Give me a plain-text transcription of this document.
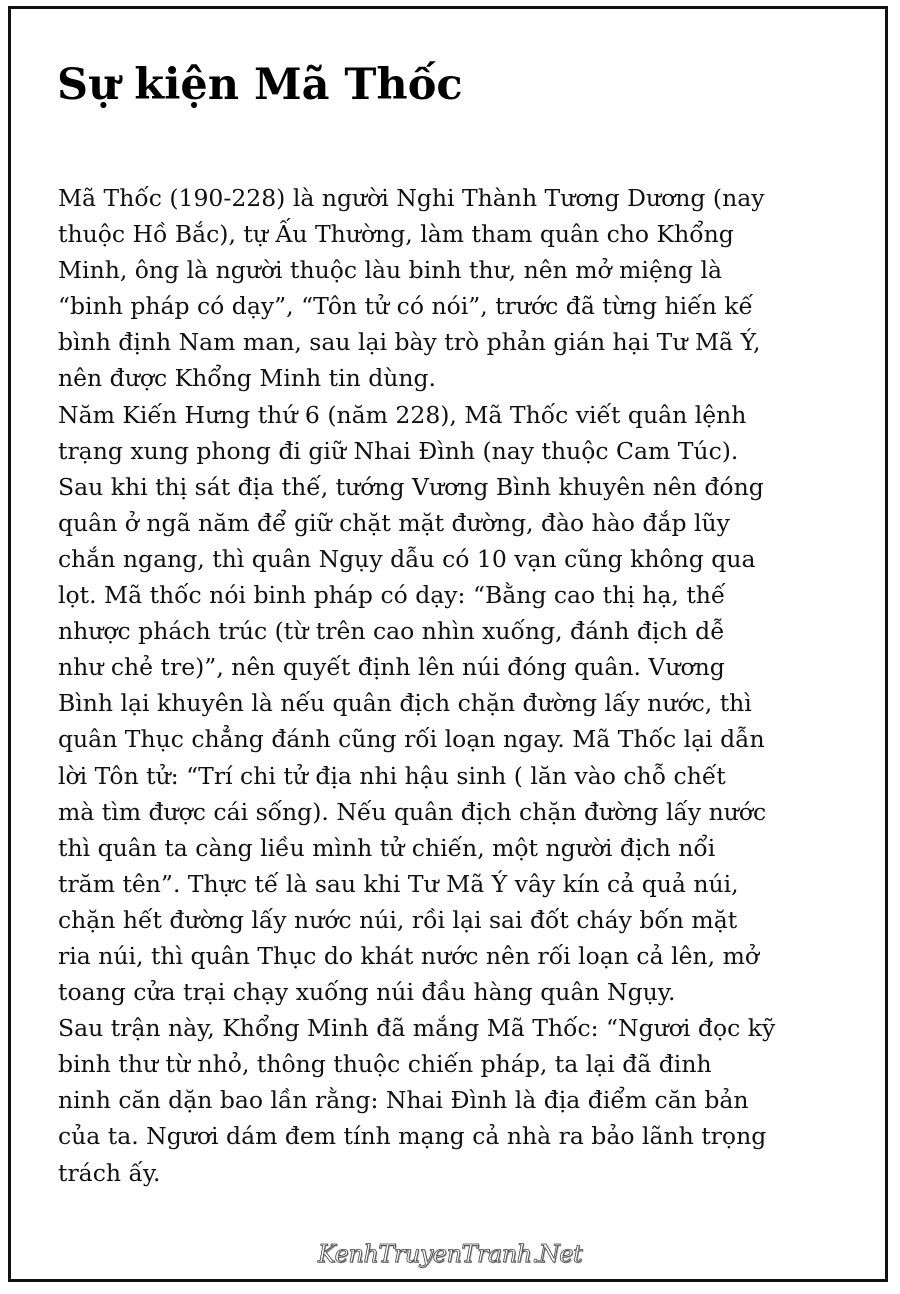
Sự kiện Mã Thốc
Mã Thốc (190-228) là người Nghi Thành Tương Dương (nay
thuộc Hồ Bắc), tự Ấu Thường, làm tham quân cho Khổng
Minh, ông là người thuộc làu binh thư, nên mở miệng là
“binh pháp có dạy”, “Tôn tử có nói”, trước đã từng hiến kế
bình định Nam man, sau lại bày trò phản gián hại Tư Mã Ý,
nên được Khổng Minh tin dùng.
Năm Kiến Hưng thứ 6 (năm 228), Mã Thốc viết quân lệnh
trạng xung phong đi giữ Nhai Đình (nay thuộc Cam Túc).
Sau khi thị sát địa thế, tướng Vương Bình khuyên nên đóng
quân ở ngã năm để giữ chặt mặt đường, đào hào đắp lũy
chắn ngang, thì quân Ngụy dẫu có 10 vạn cũng không qua
lọt. Mã thốc nói binh pháp có dạy: “Bằng cao thị hạ, thế
nhược phách trúc (từ trên cao nhìn xuống, đánh địch dễ
như chẻ tre)”, nên quyết định lên núi đóng quân. Vương
Bình lại khuyên là nếu quân địch chặn đường lấy nước, thì
quân Thục chẳng đánh cũng rối loạn ngay. Mã Thốc lại dẫn
lời Tôn tử: “Trí chi tử địa nhi hậu sinh ( lăn vào chỗ chết
mà tìm được cái sống). Nếu quân địch chặn đường lấy nước
thì quân ta càng liều mình tử chiến, một người địch nổi
trăm tên”. Thực tế là sau khi Tư Mã Ý vây kín cả quả núi,
chặn hết đường lấy nước núi, rồi lại sai đốt cháy bốn mặt
ria núi, thì quân Thục do khát nước nên rối loạn cả lên, mở
toang cửa trại chạy xuống núi đầu hàng quân Ngụy.
Sau trận này, Khổng Minh đã mắng Mã Thốc: “Ngươi đọc kỹ
binh thư từ nhỏ, thông thuộc chiến pháp, ta lại đã đinh
ninh căn dặn bao lần rằng: Nhai Đình là địa điểm căn bản
của ta. Ngươi dám đem tính mạng cả nhà ra bảo lãnh trọng
trách ấy.
KenhTruyenTranh.Net
